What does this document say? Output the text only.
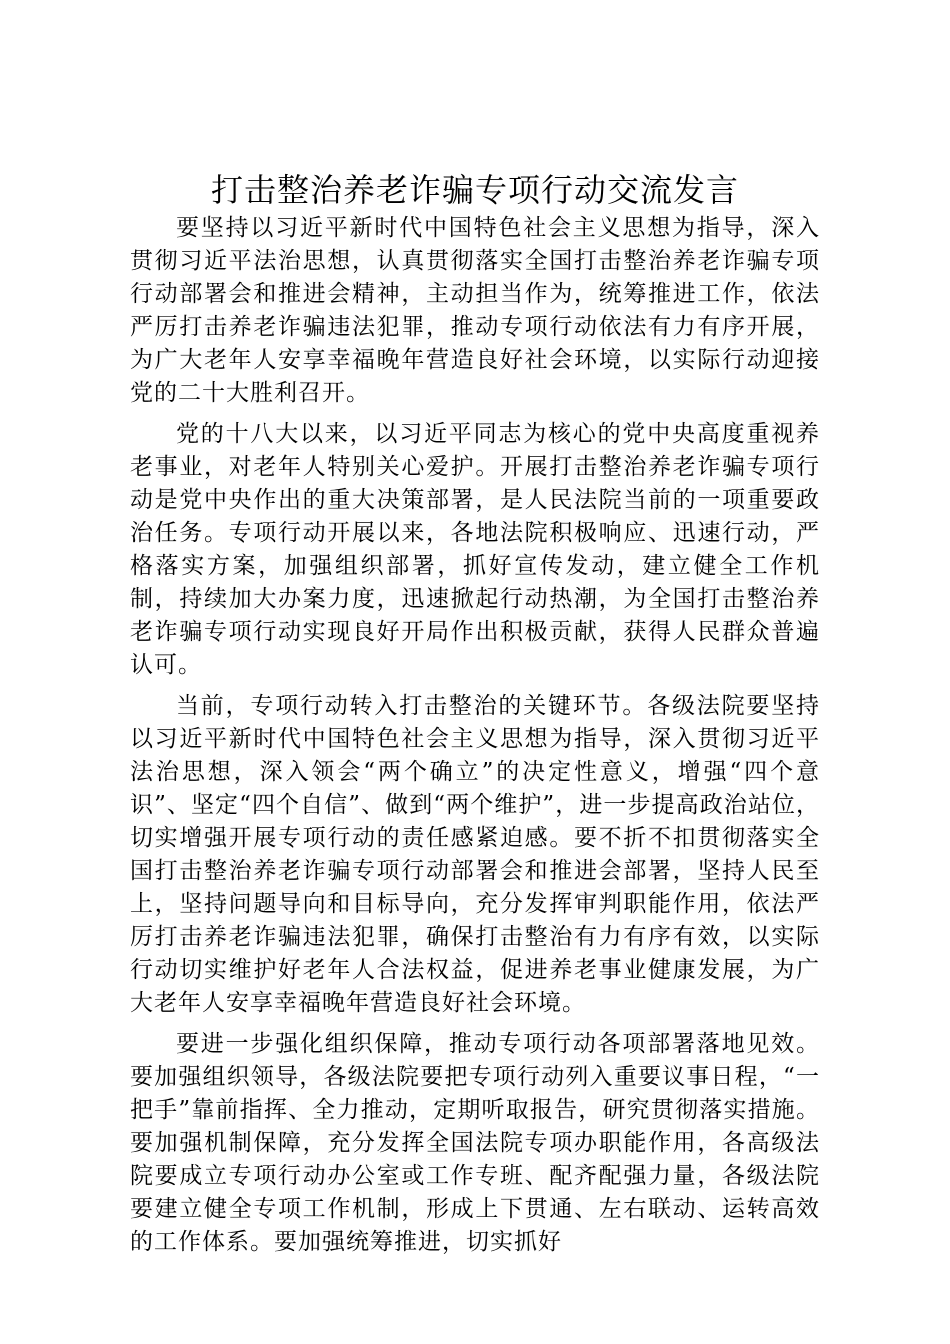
打击整治养老诈骗专项行动交流发言

要坚持以习近平新时代中国特色社会主义思想为指导，深入贯彻习近平法治思想，认真贯彻落实全国打击整治养老诈骗专项行动部署会和推进会精神，主动担当作为，统筹推进工作，依法严厉打击养老诈骗违法犯罪，推动专项行动依法有力有序开展，为广大老年人安享幸福晚年营造良好社会环境，以实际行动迎接党的二十大胜利召开。

党的十八大以来，以习近平同志为核心的党中央高度重视养老事业，对老年人特别关心爱护。开展打击整治养老诈骗专项行动是党中央作出的重大决策部署，是人民法院当前的一项重要政治任务。专项行动开展以来，各地法院积极响应、迅速行动，严格落实方案，加强组织部署，抓好宣传发动，建立健全工作机制，持续加大办案力度，迅速掀起行动热潮，为全国打击整治养老诈骗专项行动实现良好开局作出积极贡献，获得人民群众普遍认可。

当前，专项行动转入打击整治的关键环节。各级法院要坚持以习近平新时代中国特色社会主义思想为指导，深入贯彻习近平法治思想，深入领会“两个确立”的决定性意义，增强“四个意识”、坚定“四个自信”、做到“两个维护”，进一步提高政治站位，切实增强开展专项行动的责任感紧迫感。要不折不扣贯彻落实全国打击整治养老诈骗专项行动部署会和推进会部署，坚持人民至上，坚持问题导向和目标导向，充分发挥审判职能作用，依法严厉打击养老诈骗违法犯罪，确保打击整治有力有序有效，以实际行动切实维护好老年人合法权益，促进养老事业健康发展，为广大老年人安享幸福晚年营造良好社会环境。

要进一步强化组织保障，推动专项行动各项部署落地见效。要加强组织领导，各级法院要把专项行动列入重要议事日程，“一把手”靠前指挥、全力推动，定期听取报告，研究贯彻落实措施。要加强机制保障，充分发挥全国法院专项办职能作用，各高级法院要成立专项行动办公室或工作专班、配齐配强力量，各级法院要建立健全专项工作机制，形成上下贯通、左右联动、运转高效的工作体系。要加强统筹推进，切实抓好
